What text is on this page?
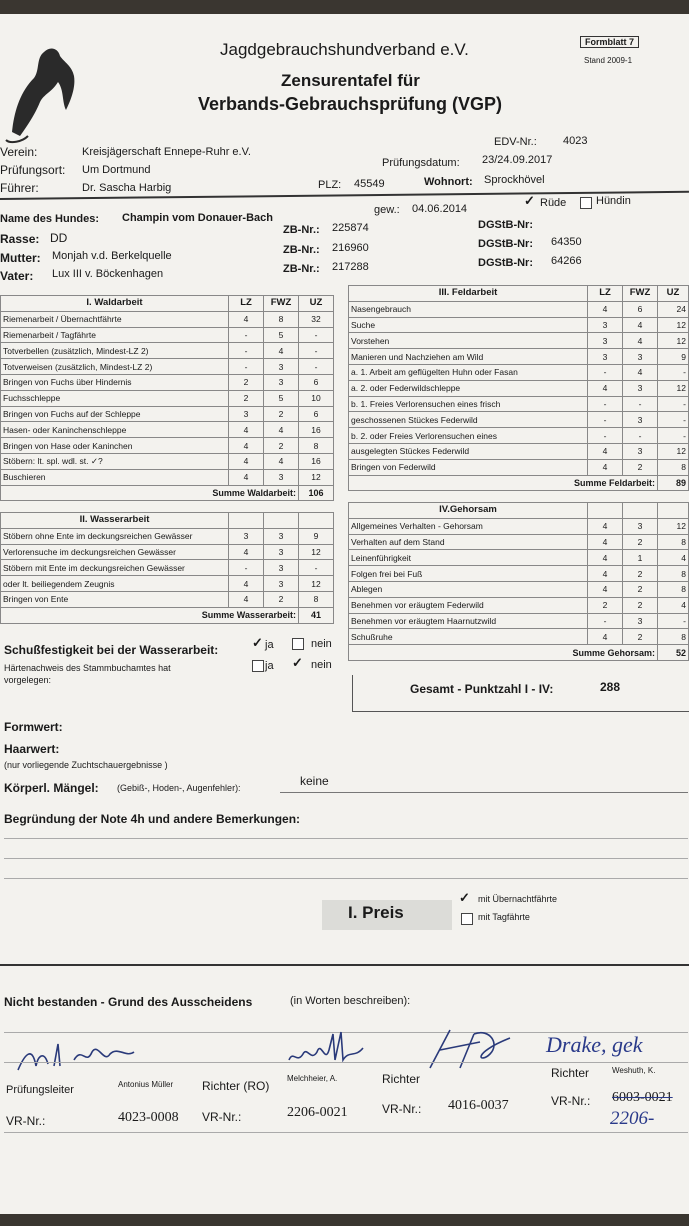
Jagdgebrauchshundverband e.V.	Formblatt 7
Stand 2009-1
Zensurentafel für
Verbands-Gebrauchsprüfung (VGP)
Verein:	Kreisjägerschaft Ennepe-Ruhr e.V.
EDV-Nr.: 4023
Prüfungsort: Um Dortmund
Prüfungsdatum: 23/24.09.2017
Führer:	Dr. Sascha Harbig	PLZ: 45549	Wohnort: Sprockhövel
Name des Hundes: Champin vom Donauer-Bach
gew.: 04.06.2014
✓ Rüde	Hündin
Rasse: DD
ZB-Nr.: 225874	DGStB-Nr:
Mutter: Monjah v.d. Berkelquelle	ZB-Nr.: 216960	DGStB-Nr: 64350
Vater: Lux III v. Böckenhagen	ZB-Nr.: 217288	DGStB-Nr: 64266
I. Waldarbeit	LZ	FWZ	UZ
Riemenarbeit / Übernachtfährte	4	8	32
Riemenarbeit / Tagfährte	-	5	-
Totverbellen (zusätzlich, Mindest-LZ 2)	-	4	-
Totverweisen (zusätzlich, Mindest-LZ 2)	-	3	-
Bringen von Fuchs über Hindernis	2	3	6
Fuchsschleppe	2	5	10
Bringen von Fuchs auf der Schleppe	3	2	6
Hasen- oder Kaninchenschleppe	4	4	16
Bringen von Hase oder Kaninchen	4	2	8
Stöbern: lt. spl. wdl. st. ✓?	4	4	16
Buschieren	4	3	12
Summe Waldarbeit:			106
II. Wasserarbeit			
Stöbern ohne Ente im deckungsreichen Gewässer	3	3	9
Verlorensuche im deckungsreichen Gewässer	4	3	12
Stöbern mit Ente im deckungsreichen Gewässer	-	3	-
oder lt. beiliegendem Zeugnis	4	3	12
Bringen von Ente	4	2	8
Summe Wasserarbeit:			41
III. Feldarbeit	LZ	FWZ	UZ
Nasengebrauch	4	6	24
Suche	3	4	12
Vorstehen	3	4	12
Manieren und Nachziehen am Wild	3	3	9
a. 1. Arbeit am geflügelten Huhn oder Fasan	-	4	-
a. 2. oder Federwildschleppe	4	3	12
b. 1. Freies Verlorensuchen eines frisch	-	-	-
geschossenen Stückes Federwild	-	3	-
b. 2. oder Freies Verlorensuchen eines	-	-	-
ausgelegten Stückes Federwild	4	3	12
Bringen von Federwild	4	2	8
Summe Feldarbeit:			89
IV.Gehorsam			
Allgemeines Verhalten - Gehorsam	4	3	12
Verhalten auf dem Stand	4	2	8
Leinenführigkeit	4	1	4
Folgen frei bei Fuß	4	2	8
Ablegen	4	2	8
Benehmen vor eräugtem Federwild	2	2	4
Benehmen vor eräugtem Haarnutzwild	-	3	-
Schußruhe	4	2	8
Summe Gehorsam:			52
Gesamt - Punktzahl I - IV:	288
Schußfestigkeit bei der Wasserarbeit:	✓ ja	nein
Härtenachweis des Stammbuchamtes hat
vorgelegen:
ja ✓ nein
Formwert:
Haarwert:
(nur vorliegende Zuchtschauergebnisse )
Körperl. Mängel: (Gebiß-, Hoden-, Augenfehler):	keine
Begründung der Note 4h und andere Bemerkungen:
I. Preis
✓ mit Übernachtfährte
mit Tagfährte
Nicht bestanden - Grund des Ausscheidens	(in Worten beschreiben):
Drake, gek
Prüfungsleiter	Antonius Müller Richter (RO)
Melchheier, A.	Richter	Richter	Weshuth, K.
VR-Nr.:	4023-0008 VR-Nr.:	2206-0021	VR-Nr.: 4016-0037	VR-Nr.: 6003-0021
2206-
